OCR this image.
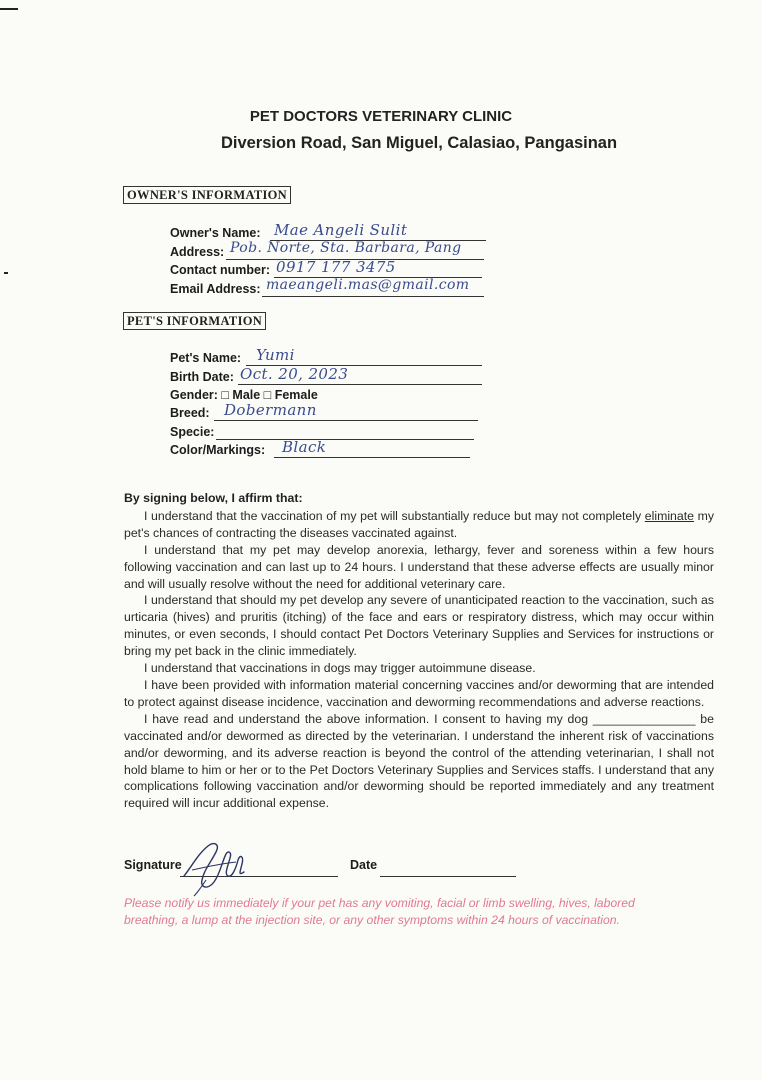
PET DOCTORS VETERINARY CLINIC
Diversion Road, San Miguel, Calasiao, Pangasinan
OWNER'S INFORMATION
Owner's Name: Mae Angeli Sulit
Address: Pob. Norte, Sta. Barbara, Pang
Contact number: 0917 177 3475
Email Address: maeangeli.mas@gmail.com
PET'S INFORMATION
Pet's Name: Yumi
Birth Date: Oct. 20, 2023
Gender: □ Male □ Female
Breed: Dobermann
Specie:
Color/Markings: Black
By signing below, I affirm that:

I understand that the vaccination of my pet will substantially reduce but may not completely eliminate my pet's chances of contracting the diseases vaccinated against.

I understand that my pet may develop anorexia, lethargy, fever and soreness within a few hours following vaccination and can last up to 24 hours. I understand that these adverse effects are usually minor and will usually resolve without the need for additional veterinary care.

I understand that should my pet develop any severe of unanticipated reaction to the vaccination, such as urticaria (hives) and pruritis (itching) of the face and ears or respiratory distress, which may occur within minutes, or even seconds, I should contact Pet Doctors Veterinary Supplies and Services for instructions or bring my pet back in the clinic immediately.

I understand that vaccinations in dogs may trigger autoimmune disease.

I have been provided with information material concerning vaccines and/or deworming that are intended to protect against disease incidence, vaccination and deworming recommendations and adverse reactions.

I have read and understand the above information. I consent to having my dog _______________ be vaccinated and/or dewormed as directed by the veterinarian. I understand the inherent risk of vaccinations and/or deworming, and its adverse reaction is beyond the control of the attending veterinarian, I shall not hold blame to him or her or to the Pet Doctors Veterinary Supplies and Services staffs. I understand that any complications following vaccination and/or deworming should be reported immediately and any treatment required will incur additional expense.

Signature	Date
Please notify us immediately if your pet has any vomiting, facial or limb swelling, hives, labored breathing, a lump at the injection site, or any other symptoms within 24 hours of vaccination.
